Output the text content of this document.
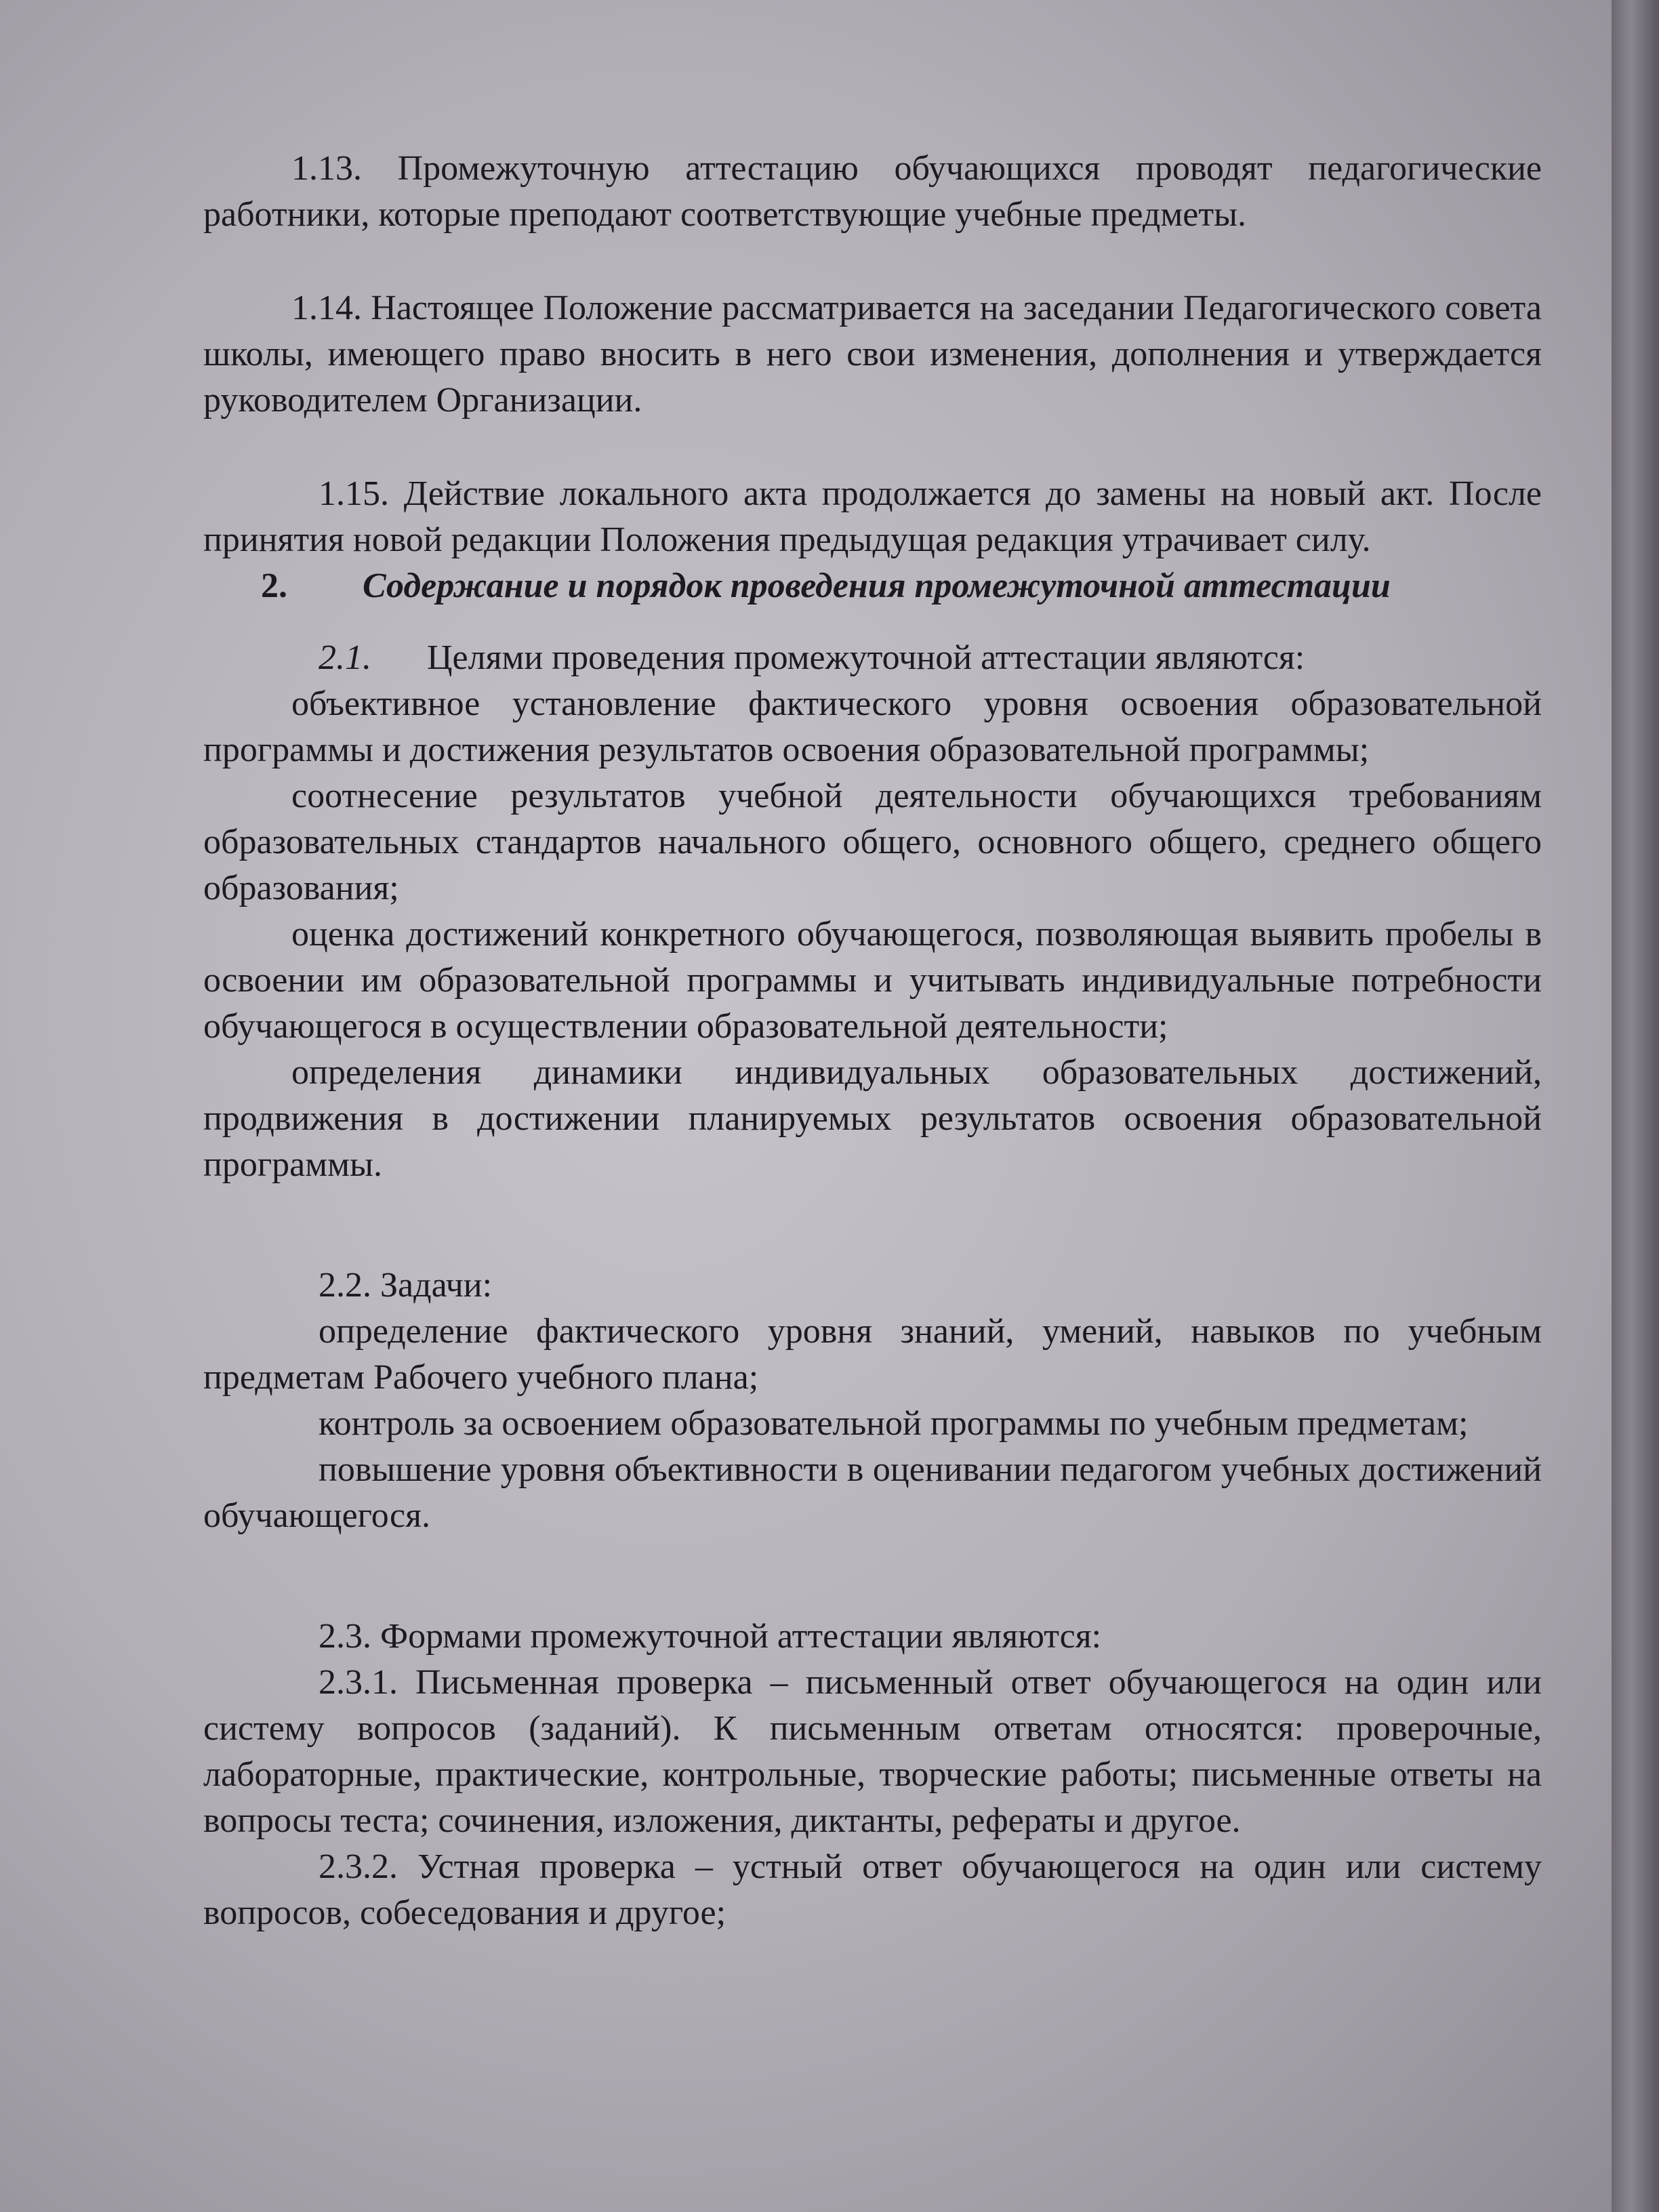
1.13. Промежуточную аттестацию обучающихся проводят педагогические работники, которые преподают соответствующие учебные предметы.

1.14. Настоящее Положение рассматривается на заседании Педагогического совета школы, имеющего право вносить в него свои изменения, дополнения и утверждается руководителем Организации.

1.15. Действие локального акта продолжается до замены на новый акт. После принятия новой редакции Положения предыдущая редакция утрачивает силу.

2. Содержание и порядок проведения промежуточной аттестации

2.1. Целями проведения промежуточной аттестации являются:

объективное установление фактического уровня освоения образовательной программы и достижения результатов освоения образовательной программы;

соотнесение результатов учебной деятельности обучающихся требованиям образовательных стандартов начального общего, основного общего, среднего общего образования;

оценка достижений конкретного обучающегося, позволяющая выявить пробелы в освоении им образовательной программы и учитывать индивидуальные потребности обучающегося в осуществлении образовательной деятельности;

определения динамики индивидуальных образовательных достижений, продвижения в достижении планируемых результатов освоения образовательной программы.

2.2. Задачи:

определение фактического уровня знаний, умений, навыков по учебным предметам Рабочего учебного плана;

контроль за освоением образовательной программы по учебным предметам;

повышение уровня объективности в оценивании педагогом учебных достижений обучающегося.

2.3. Формами промежуточной аттестации являются:

2.3.1. Письменная проверка – письменный ответ обучающегося на один или систему вопросов (заданий). К письменным ответам относятся: проверочные, лабораторные, практические, контрольные, творческие работы; письменные ответы на вопросы теста; сочинения, изложения, диктанты, рефераты и другое.

2.3.2. Устная проверка – устный ответ обучающегося на один или систему вопросов, собеседования и другое;
